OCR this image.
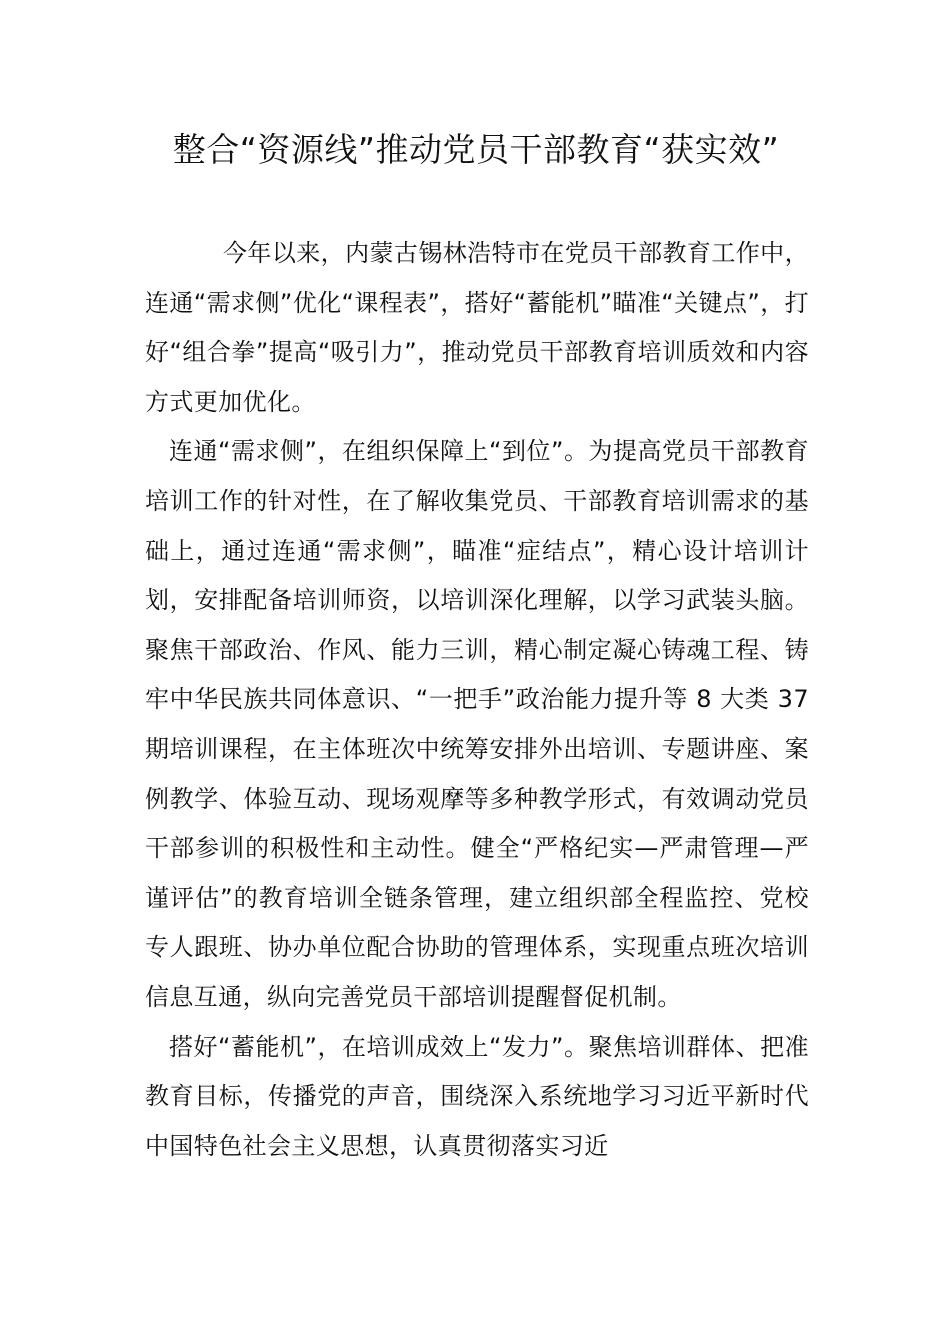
整合“资源线”推动党员干部教育“获实效”

今年以来，内蒙古锡林浩特市在党员干部教育工作中，连通“需求侧”优化“课程表”，搭好“蓄能机”瞄准“关键点”，打好“组合拳”提高“吸引力”，推动党员干部教育培训质效和内容方式更加优化。

连通“需求侧”，在组织保障上“到位”。为提高党员干部教育培训工作的针对性，在了解收集党员、干部教育培训需求的基础上，通过连通“需求侧”，瞄准“症结点”，精心设计培训计划，安排配备培训师资，以培训深化理解，以学习武装头脑。聚焦干部政治、作风、能力三训，精心制定凝心铸魂工程、铸牢中华民族共同体意识、“一把手”政治能力提升等 8 大类 37 期培训课程，在主体班次中统筹安排外出培训、专题讲座、案例教学、体验互动、现场观摩等多种教学形式，有效调动党员干部参训的积极性和主动性。健全“严格纪实—严肃管理—严谨评估”的教育培训全链条管理，建立组织部全程监控、党校专人跟班、协办单位配合协助的管理体系，实现重点班次培训信息互通，纵向完善党员干部培训提醒督促机制。

搭好“蓄能机”，在培训成效上“发力”。聚焦培训群体、把准教育目标，传播党的声音，围绕深入系统地学习习近平新时代中国特色社会主义思想，认真贯彻落实习近
